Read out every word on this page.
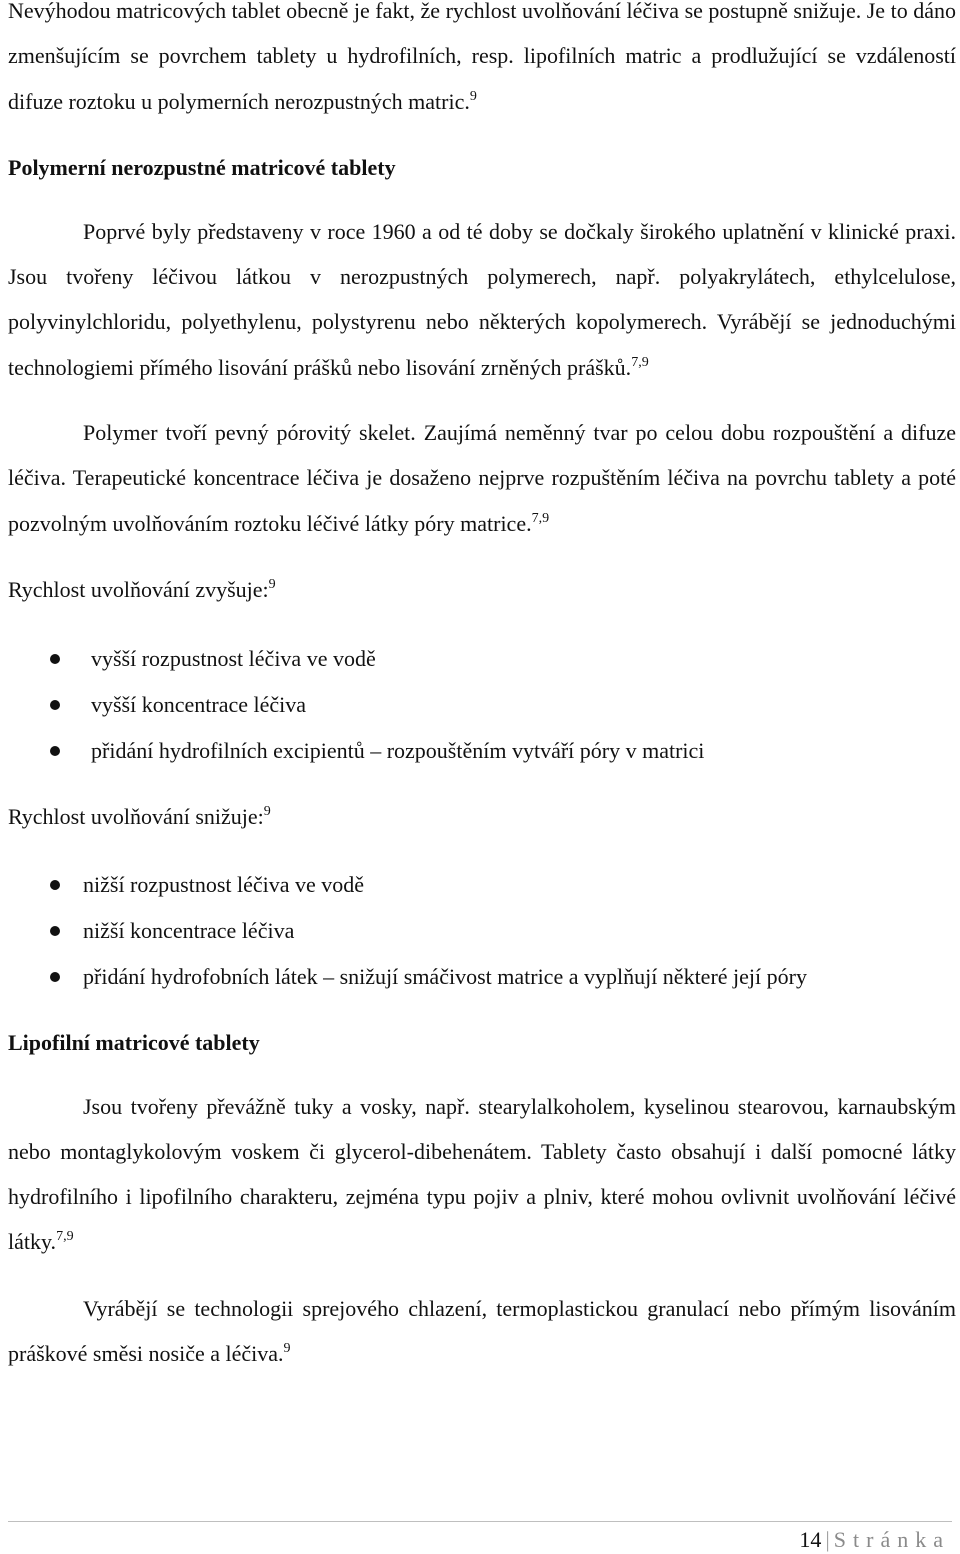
Nevýhodou matricových tablet obecně je fakt, že rychlost uvolňování léčiva se postupně snižuje. Je to dáno zmenšujícím se povrchem tablety u hydrofilních, resp. lipofilních matric a prodlužující se vzdáleností difuze roztoku u polymerních nerozpustných matric.$^9$

Polymerní nerozpustné matricové tablety

Poprvé byly představeny v roce 1960 a od té doby se dočkaly širokého uplatnění v klinické praxi. Jsou tvořeny léčivou látkou v nerozpustných polymerech, např. polyakrylátech, ethylcelulose, polyvinylchloridu, polyethylenu, polystyrenu nebo některých kopolymerech. Vyrábějí se jednoduchými technologiemi přímého lisování prášků nebo lisování zrněných prášků.$^{7,9}$

Polymer tvoří pevný pórovitý skelet. Zaujímá neměnný tvar po celou dobu rozpouštění a difuze léčiva. Terapeutické koncentrace léčiva je dosaženo nejprve rozpuštěním léčiva na povrchu tablety a poté pozvolným uvolňováním roztoku léčivé látky póry matrice.$^{7,9}$

Rychlost uvolňování zvyšuje:$^9$

vyšší rozpustnost léčiva ve vodě
vyšší koncentrace léčiva
přidání hydrofilních excipientů – rozpouštěním vytváří póry v matrici

Rychlost uvolňování snižuje:$^9$

nižší rozpustnost léčiva ve vodě
nižší koncentrace léčiva
přidání hydrofobních látek – snižují smáčivost matrice a vyplňují některé její póry
Lipofilní matricové tablety

Jsou tvořeny převážně tuky a vosky, např. stearylalkoholem, kyselinou stearovou, karnaubským nebo montaglykolovým voskem či glycerol-dibehenátem. Tablety často obsahují i další pomocné látky hydrofilního i lipofilního charakteru, zejména typu pojiv a plniv, které mohou ovlivnit uvolňování léčivé látky.$^{7,9}$

Vyrábějí se technologii sprejového chlazení, termoplastickou granulací nebo přímým lisováním práškové směsi nosiče a léčiva.$^9$

14 | Stránka
